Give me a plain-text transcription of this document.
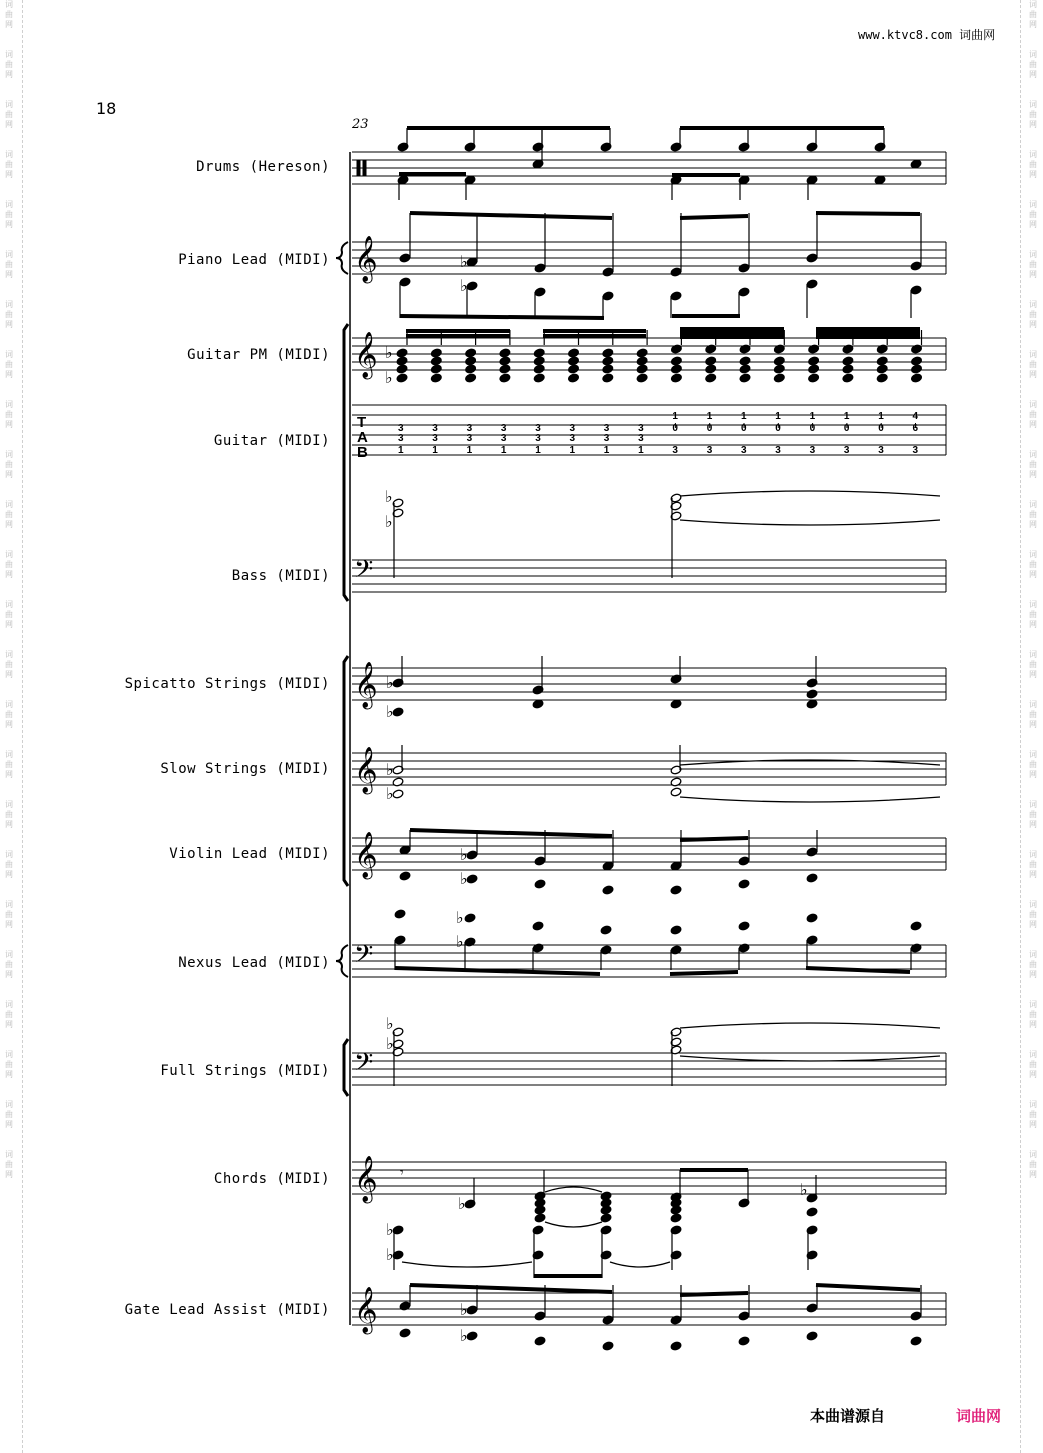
词
曲
网

词
曲
网

词
曲
网

词
曲
网

词
曲
网

词
曲
网

词
曲
网

词
曲
网

词
曲
网

词
曲
网

词
曲
网

词
曲
网

词
曲
网

词
曲
网

词
曲
网

词
曲
网

词
曲
网

词
曲
网

词
曲
网

词
曲
网

词
曲
网

词
曲
网

词
曲
网

词
曲
网

词
曲
网

词
曲
网

词
曲
网

词
曲
网

词
曲
网

词
曲
网

词
曲
网

词
曲
网

词
曲
网

词
曲
网

词
曲
网

词
曲
网

词
曲
网

词
曲
网

词
曲
网

词
曲
网

词
曲
网

词
曲
网

词
曲
网

词
曲
网

词
曲
网

词
曲
网

词
曲
网

词
曲
网

www.ktvc8.com 词曲网
18
23
Drums (Hereson)
Piano Lead (MIDI)
Guitar PM (MIDI)
Guitar (MIDI)
Bass (MIDI)
Spicatto Strings (MIDI)
Slow Strings (MIDI)
Violin Lead (MIDI)
Nexus Lead (MIDI)
Full Strings (MIDI)
Chords (MIDI)
Gate Lead Assist (MIDI)
𝄞
𝄞
𝄢
𝄞
𝄞
𝄞
𝄢
𝄢
𝄞
𝄞
♭
♭
♭
♭
♭
♭
♭
♭
♭
♭
♭
♭
♭
♭
♭
♭
𝄾
♭
♭
♭
♭
♭
♭
T
A
B
3
3
1
3
3
1
3
3
1
3
3
1
3
3
1
3
3
1
3
3
1
3
3
1
1
0
3
1
0
3
1
0
3
1
0
3
1
0
3
1
0
3
1
0
3
4
6
3
本曲谱源自	词曲网
